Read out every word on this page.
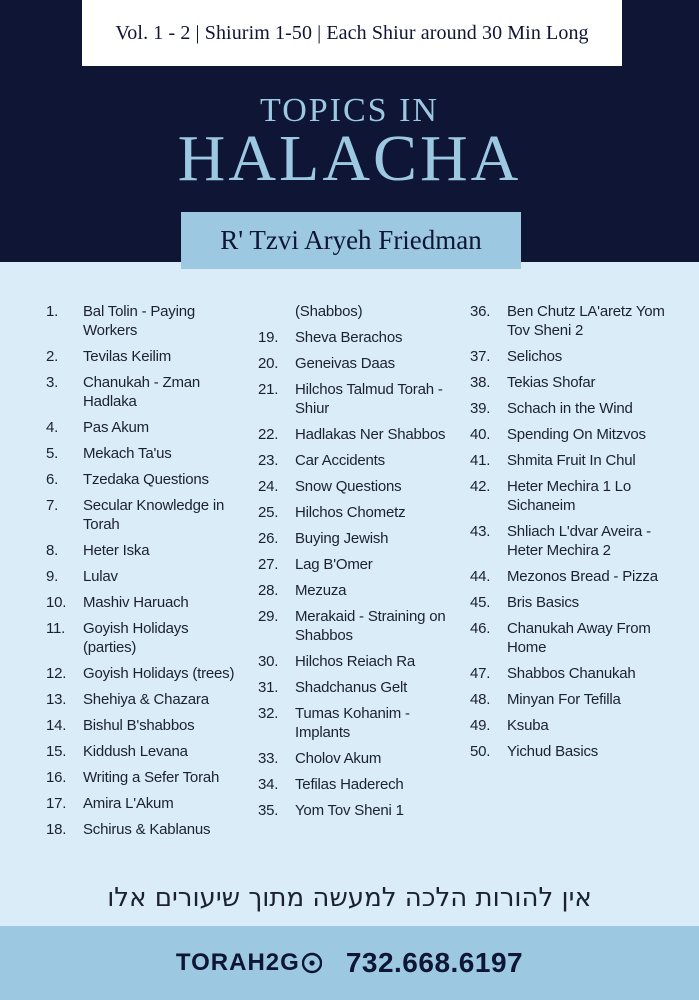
Vol. 1 - 2 | Shiurim 1-50 | Each Shiur around 30 Min Long
TOPICS IN
HALACHA
R' Tzvi Aryeh Friedman
1.	Bal Tolin - Paying Workers
2.	Tevilas Keilim
3.	Chanukah - Zman Hadlaka
4.	Pas Akum
5.	Mekach Ta'us
6.	Tzedaka Questions
7.	Secular Knowledge in Torah
8.	Heter Iska
9.	Lulav
10.	Mashiv Haruach
11.	Goyish Holidays (parties)
12.	Goyish Holidays (trees)
13.	Shehiya & Chazara
14.	Bishul B'shabbos
15.	Kiddush Levana
16.	Writing a Sefer Torah
17.	Amira L'Akum
18.	Schirus & Kablanus
(Shabbos)
19.	Sheva Berachos
20.	Geneivas Daas
21.	Hilchos Talmud Torah - Shiur
22.	Hadlakas Ner Shabbos
23.	Car Accidents
24.	Snow Questions
25.	Hilchos Chometz
26.	Buying Jewish
27.	Lag B'Omer
28.	Mezuza
29.	Merakaid - Straining on Shabbos
30.	Hilchos Reiach Ra
31.	Shadchanus Gelt
32.	Tumas Kohanim - Implants
33.	Cholov Akum
34.	Tefilas Haderech
35.	Yom Tov Sheni 1
36.	Ben Chutz LA'aretz Yom Tov Sheni 2
37.	Selichos
38.	Tekias Shofar
39.	Schach in the Wind
40.	Spending On Mitzvos
41.	Shmita Fruit In Chul
42.	Heter Mechira 1 Lo Sichaneim
43.	Shliach L'dvar Aveira - Heter Mechira 2
44.	Mezonos Bread - Pizza
45.	Bris Basics
46.	Chanukah Away From Home
47.	Shabbos Chanukah
48.	Minyan For Tefilla
49.	Ksuba
50.	Yichud Basics
אין להורות הלכה למעשה מתוך שיעורים אלו
TORAH2G 732.668.6197
